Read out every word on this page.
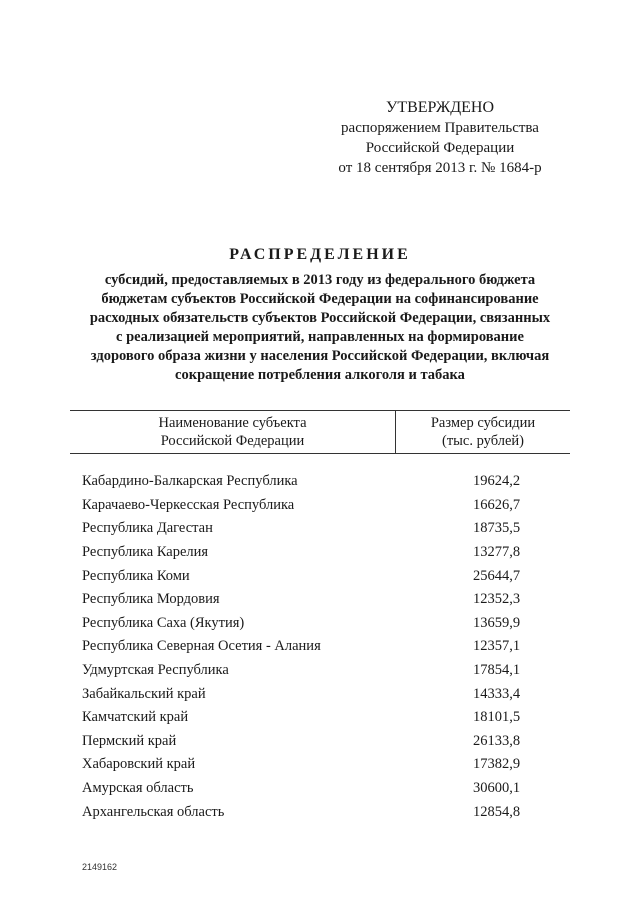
УТВЕРЖДЕНО
распоряжением Правительства
Российской Федерации
от 18 сентября 2013 г. № 1684-р
РАСПРЕДЕЛЕНИЕ
субсидий, предоставляемых в 2013 году из федерального бюджета
бюджетам субъектов Российской Федерации на софинансирование
расходных обязательств субъектов Российской Федерации, связанных
с реализацией мероприятий, направленных на формирование
здорового образа жизни у населения Российской Федерации, включая
сокращение потребления алкоголя и табака
Наименование субъекта
Российской Федерации
Размер субсидии
(тыс. рублей)
Кабардино-Балкарская Республика	19624,2
Карачаево-Черкесская Республика	16626,7
Республика Дагестан	18735,5
Республика Карелия	13277,8
Республика Коми	25644,7
Республика Мордовия	12352,3
Республика Саха (Якутия)	13659,9
Республика Северная Осетия - Алания	12357,1
Удмуртская Республика	17854,1
Забайкальский край	14333,4
Камчатский край	18101,5
Пермский край	26133,8
Хабаровский край	17382,9
Амурская область	30600,1
Архангельская область	12854,8
2149162
